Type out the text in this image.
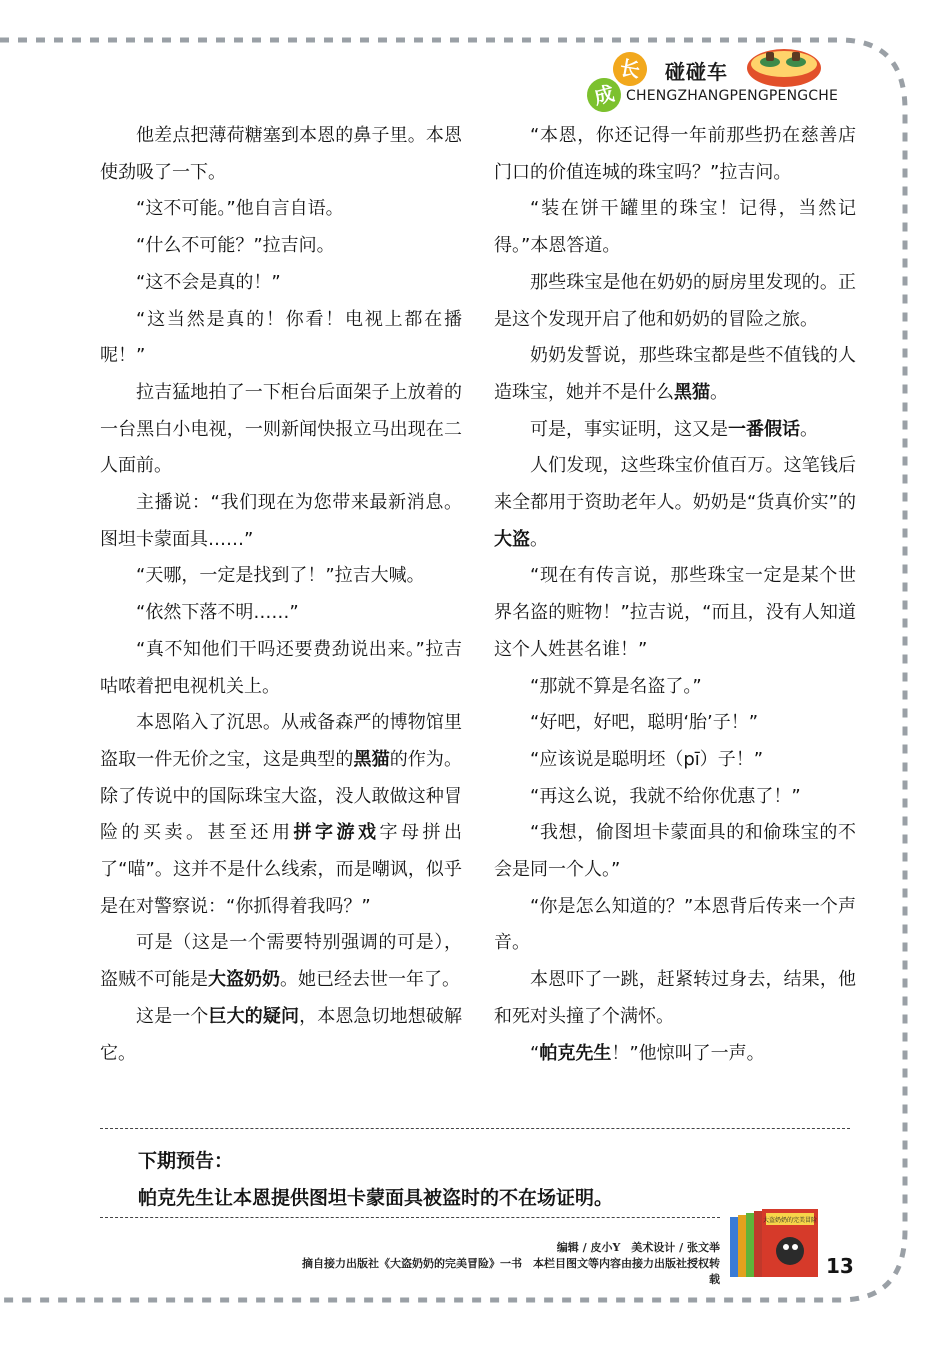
成
长	碰碰车
CHENGZHANGPENGPENGCHE

他差点把薄荷糖塞到本恩的鼻子里。本恩使劲吸了一下。

“这不可能。”他自言自语。

“什么不可能？”拉吉问。

“这不会是真的！”

“这当然是真的！你看！电视上都在播呢！”

拉吉猛地拍了一下柜台后面架子上放着的一台黑白小电视，一则新闻快报立马出现在二人面前。

主播说：“我们现在为您带来最新消息。图坦卡蒙面具……”

“天哪，一定是找到了！”拉吉大喊。

“依然下落不明……”

“真不知他们干吗还要费劲说出来。”拉吉咕哝着把电视机关上。

本恩陷入了沉思。从戒备森严的博物馆里盗取一件无价之宝，这是典型的黑猫的作为。除了传说中的国际珠宝大盗，没人敢做这种冒险的买卖。甚至还用拼字游戏字母拼出了“喵”。这并不是什么线索，而是嘲讽，似乎是在对警察说：“你抓得着我吗？”

可是（这是一个需要特别强调的可是），盗贼不可能是大盗奶奶。她已经去世一年了。

这是一个巨大的疑问，本恩急切地想破解它。

“本恩，你还记得一年前那些扔在慈善店门口的价值连城的珠宝吗？”拉吉问。

“装在饼干罐里的珠宝！记得，当然记得。”本恩答道。

那些珠宝是他在奶奶的厨房里发现的。正是这个发现开启了他和奶奶的冒险之旅。

奶奶发誓说，那些珠宝都是些不值钱的人造珠宝，她并不是什么黑猫。

可是，事实证明，这又是一番假话。

人们发现，这些珠宝价值百万。这笔钱后来全都用于资助老年人。奶奶是“货真价实”的大盗。

“现在有传言说，那些珠宝一定是某个世界名盗的赃物！”拉吉说，“而且，没有人知道这个人姓甚名谁！”

“那就不算是名盗了。”

“好吧，好吧，聪明‘胎’子！”

“应该说是聪明坯（pī）子！”

“再这么说，我就不给你优惠了！”

“我想，偷图坦卡蒙面具的和偷珠宝的不会是同一个人。”

“你是怎么知道的？”本恩背后传来一个声音。

本恩吓了一跳，赶紧转过身去，结果，他和死对头撞了个满怀。

“帕克先生！”他惊叫了一声。

下期预告：
帕克先生让本恩提供图坦卡蒙面具被盗时的不在场证明。
编辑 / 皮小Y　美术设计 / 张文举
摘自接力出版社《大盗奶奶的完美冒险》一书　本栏目图文等内容由接力出版社授权转载
大盗奶奶的完美冒险
13
